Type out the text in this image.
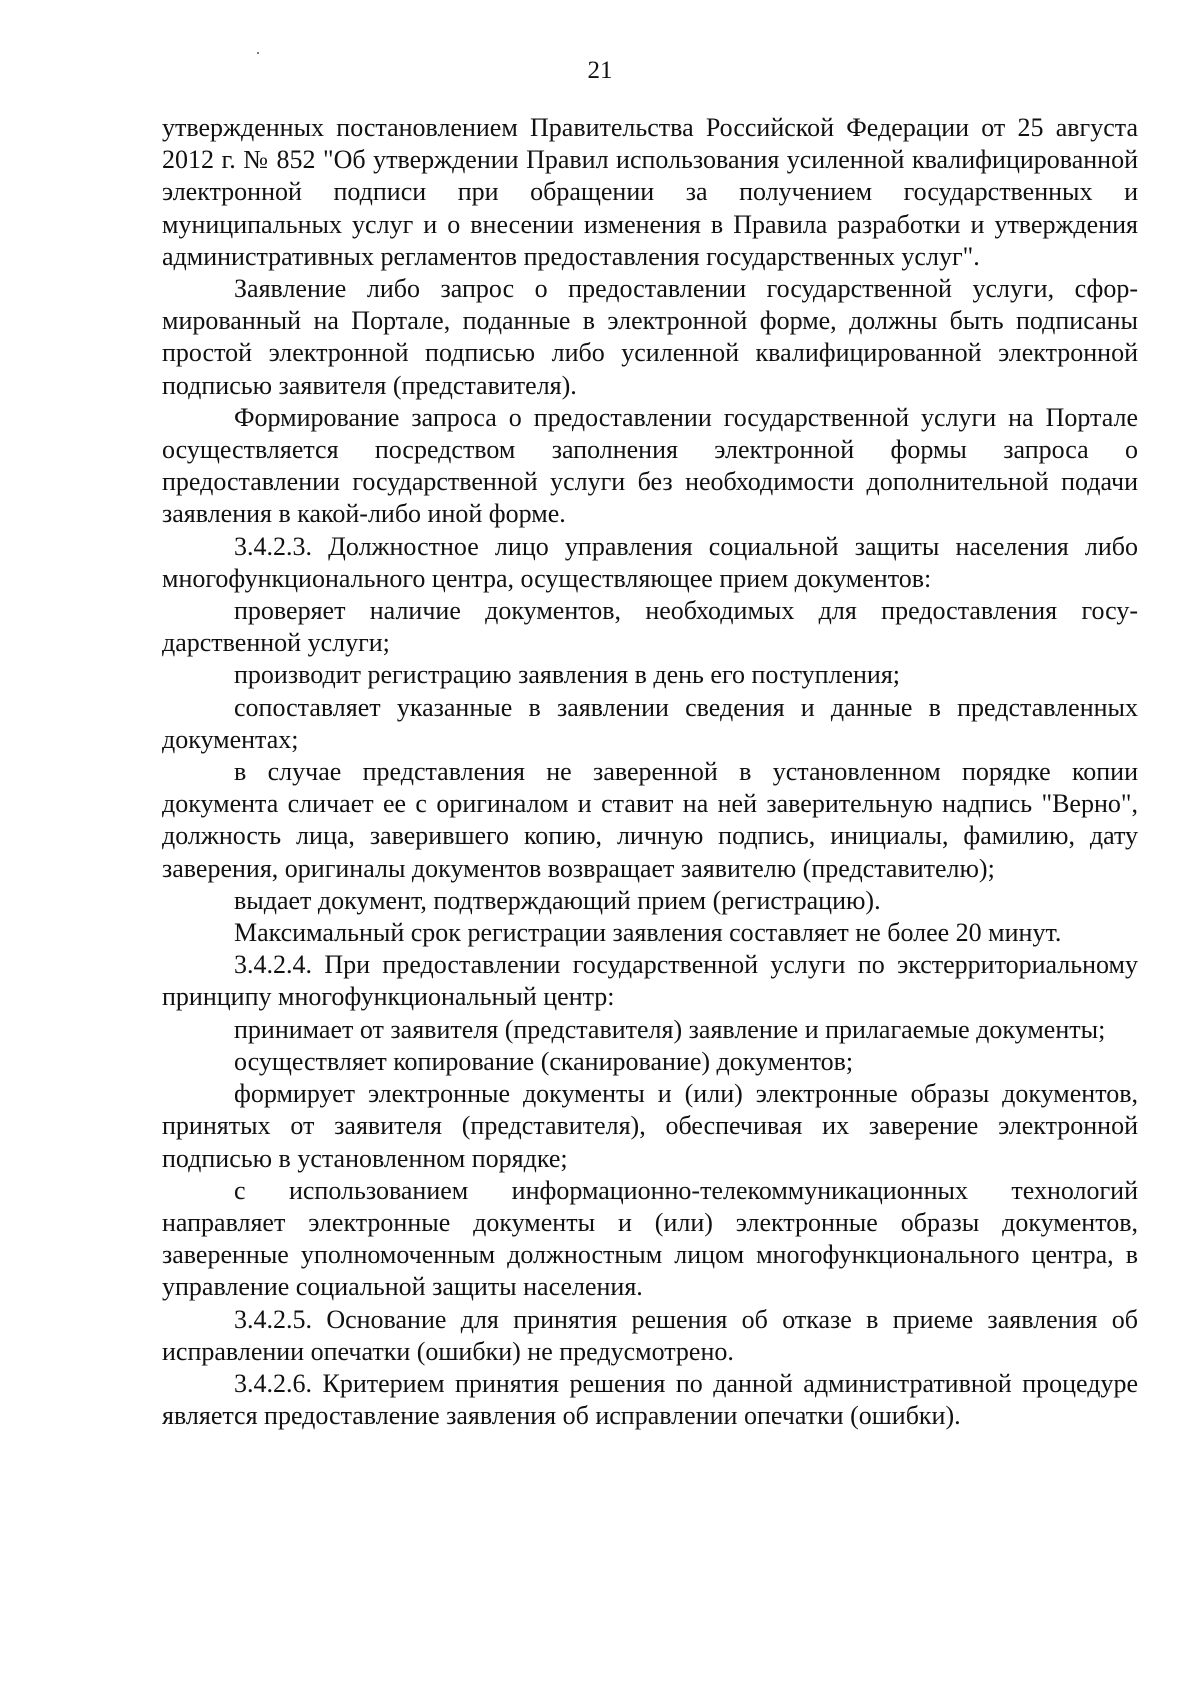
21

утвержденных постановлением Правительства Российской Федерации от 25 августа 2012 г. № 852 "Об утверждении Правил использования усиленной квалифицированной электронной подписи при обращении за получением государственных и муниципальных услуг и о внесении изменения в Правила разработки и утверждения административных регламентов предоставления государственных услуг".

Заявление либо запрос о предоставлении государственной услуги, сформированный на Портале, поданные в электронной форме, должны быть подписаны простой электронной подписью либо усиленной квалифицированной электронной подписью заявителя (представителя).

Формирование запроса о предоставлении государственной услуги на Портале осуществляется посредством заполнения электронной формы запроса о предоставлении государственной услуги без необходимости дополнительной подачи заявления в какой-либо иной форме.

3.4.2.3. Должностное лицо управления социальной защиты населения либо многофункционального центра, осуществляющее прием документов:

проверяет наличие документов, необходимых для предоставления государственной услуги;

производит регистрацию заявления в день его поступления;

сопоставляет указанные в заявлении сведения и данные в представленных документах;

в случае представления не заверенной в установленном порядке копии документа сличает ее с оригиналом и ставит на ней заверительную надпись "Верно", должность лица, заверившего копию, личную подпись, инициалы, фамилию, дату заверения, оригиналы документов возвращает заявителю (представителю);

выдает документ, подтверждающий прием (регистрацию).

Максимальный срок регистрации заявления составляет не более 20 минут.

3.4.2.4. При предоставлении государственной услуги по экстерриториальному принципу многофункциональный центр:

принимает от заявителя (представителя) заявление и прилагаемые документы;

осуществляет копирование (сканирование) документов;

формирует электронные документы и (или) электронные образы документов, принятых от заявителя (представителя), обеспечивая их заверение электронной подписью в установленном порядке;

с использованием информационно-телекоммуникационных технологий направляет электронные документы и (или) электронные образы документов, заверенные уполномоченным должностным лицом многофункционального центра, в управление социальной защиты населения.

3.4.2.5. Основание для принятия решения об отказе в приеме заявления об исправлении опечатки (ошибки) не предусмотрено.

3.4.2.6. Критерием принятия решения по данной административной процедуре является предоставление заявления об исправлении опечатки (ошибки).
